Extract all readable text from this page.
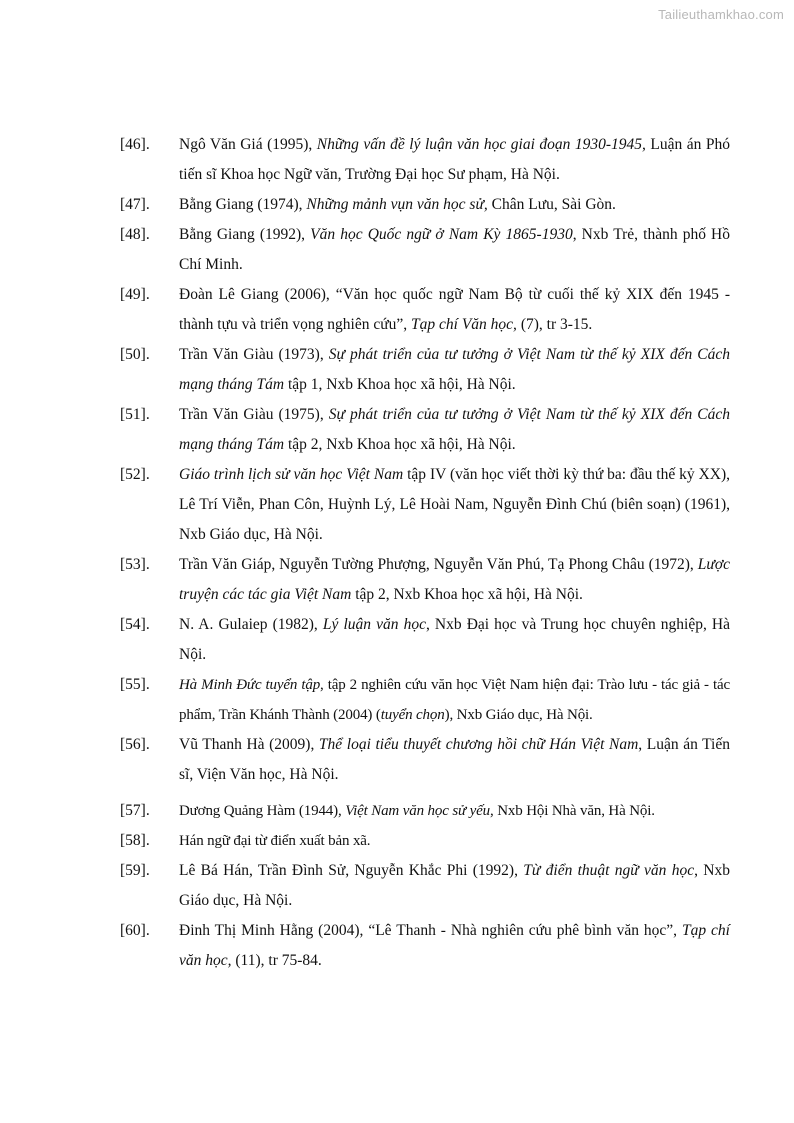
Tailieuthamkhao.com
[46]. Ngô Văn Giá (1995), Những vấn đề lý luận văn học giai đoạn 1930-1945, Luận án Phó tiến sĩ Khoa học Ngữ văn, Trường Đại học Sư phạm, Hà Nội.
[47]. Bằng Giang (1974), Những mảnh vụn văn học sử, Chân Lưu, Sài Gòn.
[48]. Bằng Giang (1992), Văn học Quốc ngữ ở Nam Kỳ 1865-1930, Nxb Trẻ, thành phố Hồ Chí Minh.
[49]. Đoàn Lê Giang (2006), “Văn học quốc ngữ Nam Bộ từ cuối thế kỷ XIX đến 1945 - thành tựu và triển vọng nghiên cứu”, Tạp chí Văn học, (7), tr 3-15.
[50]. Trần Văn Giàu (1973), Sự phát triển của tư tưởng ở Việt Nam từ thế kỷ XIX đến Cách mạng tháng Tám tập 1, Nxb Khoa học xã hội, Hà Nội.
[51]. Trần Văn Giàu (1975), Sự phát triển của tư tưởng ở Việt Nam từ thế kỷ XIX đến Cách mạng tháng Tám tập 2, Nxb Khoa học xã hội, Hà Nội.
[52]. Giáo trình lịch sử văn học Việt Nam tập IV (văn học viết thời kỳ thứ ba: đầu thế kỷ XX), Lê Trí Viễn, Phan Côn, Huỳnh Lý, Lê Hoài Nam, Nguyễn Đình Chú (biên soạn) (1961), Nxb Giáo dục, Hà Nội.
[53]. Trần Văn Giáp, Nguyễn Tường Phượng, Nguyễn Văn Phú, Tạ Phong Châu (1972), Lược truyện các tác gia Việt Nam tập 2, Nxb Khoa học xã hội, Hà Nội.
[54]. N. A. Gulaiep (1982), Lý luận văn học, Nxb Đại học và Trung học chuyên nghiệp, Hà Nội.
[55]. Hà Minh Đức tuyển tập, tập 2 nghiên cứu văn học Việt Nam hiện đại: Trào lưu - tác giả - tác phẩm, Trần Khánh Thành (2004) (tuyển chọn), Nxb Giáo dục, Hà Nội.
[56]. Vũ Thanh Hà (2009), Thể loại tiểu thuyết chương hồi chữ Hán Việt Nam, Luận án Tiến sĩ, Viện Văn học, Hà Nội.
[57]. Dương Quảng Hàm (1944), Việt Nam văn học sử yếu, Nxb Hội Nhà văn, Hà Nội.
[58]. Hán ngữ đại từ điển xuất bản xã.
[59]. Lê Bá Hán, Trần Đình Sử, Nguyễn Khắc Phi (1992), Từ điển thuật ngữ văn học, Nxb Giáo dục, Hà Nội.
[60]. Đinh Thị Minh Hằng (2004), “Lê Thanh - Nhà nghiên cứu phê bình văn học”, Tạp chí văn học, (11), tr 75-84.
